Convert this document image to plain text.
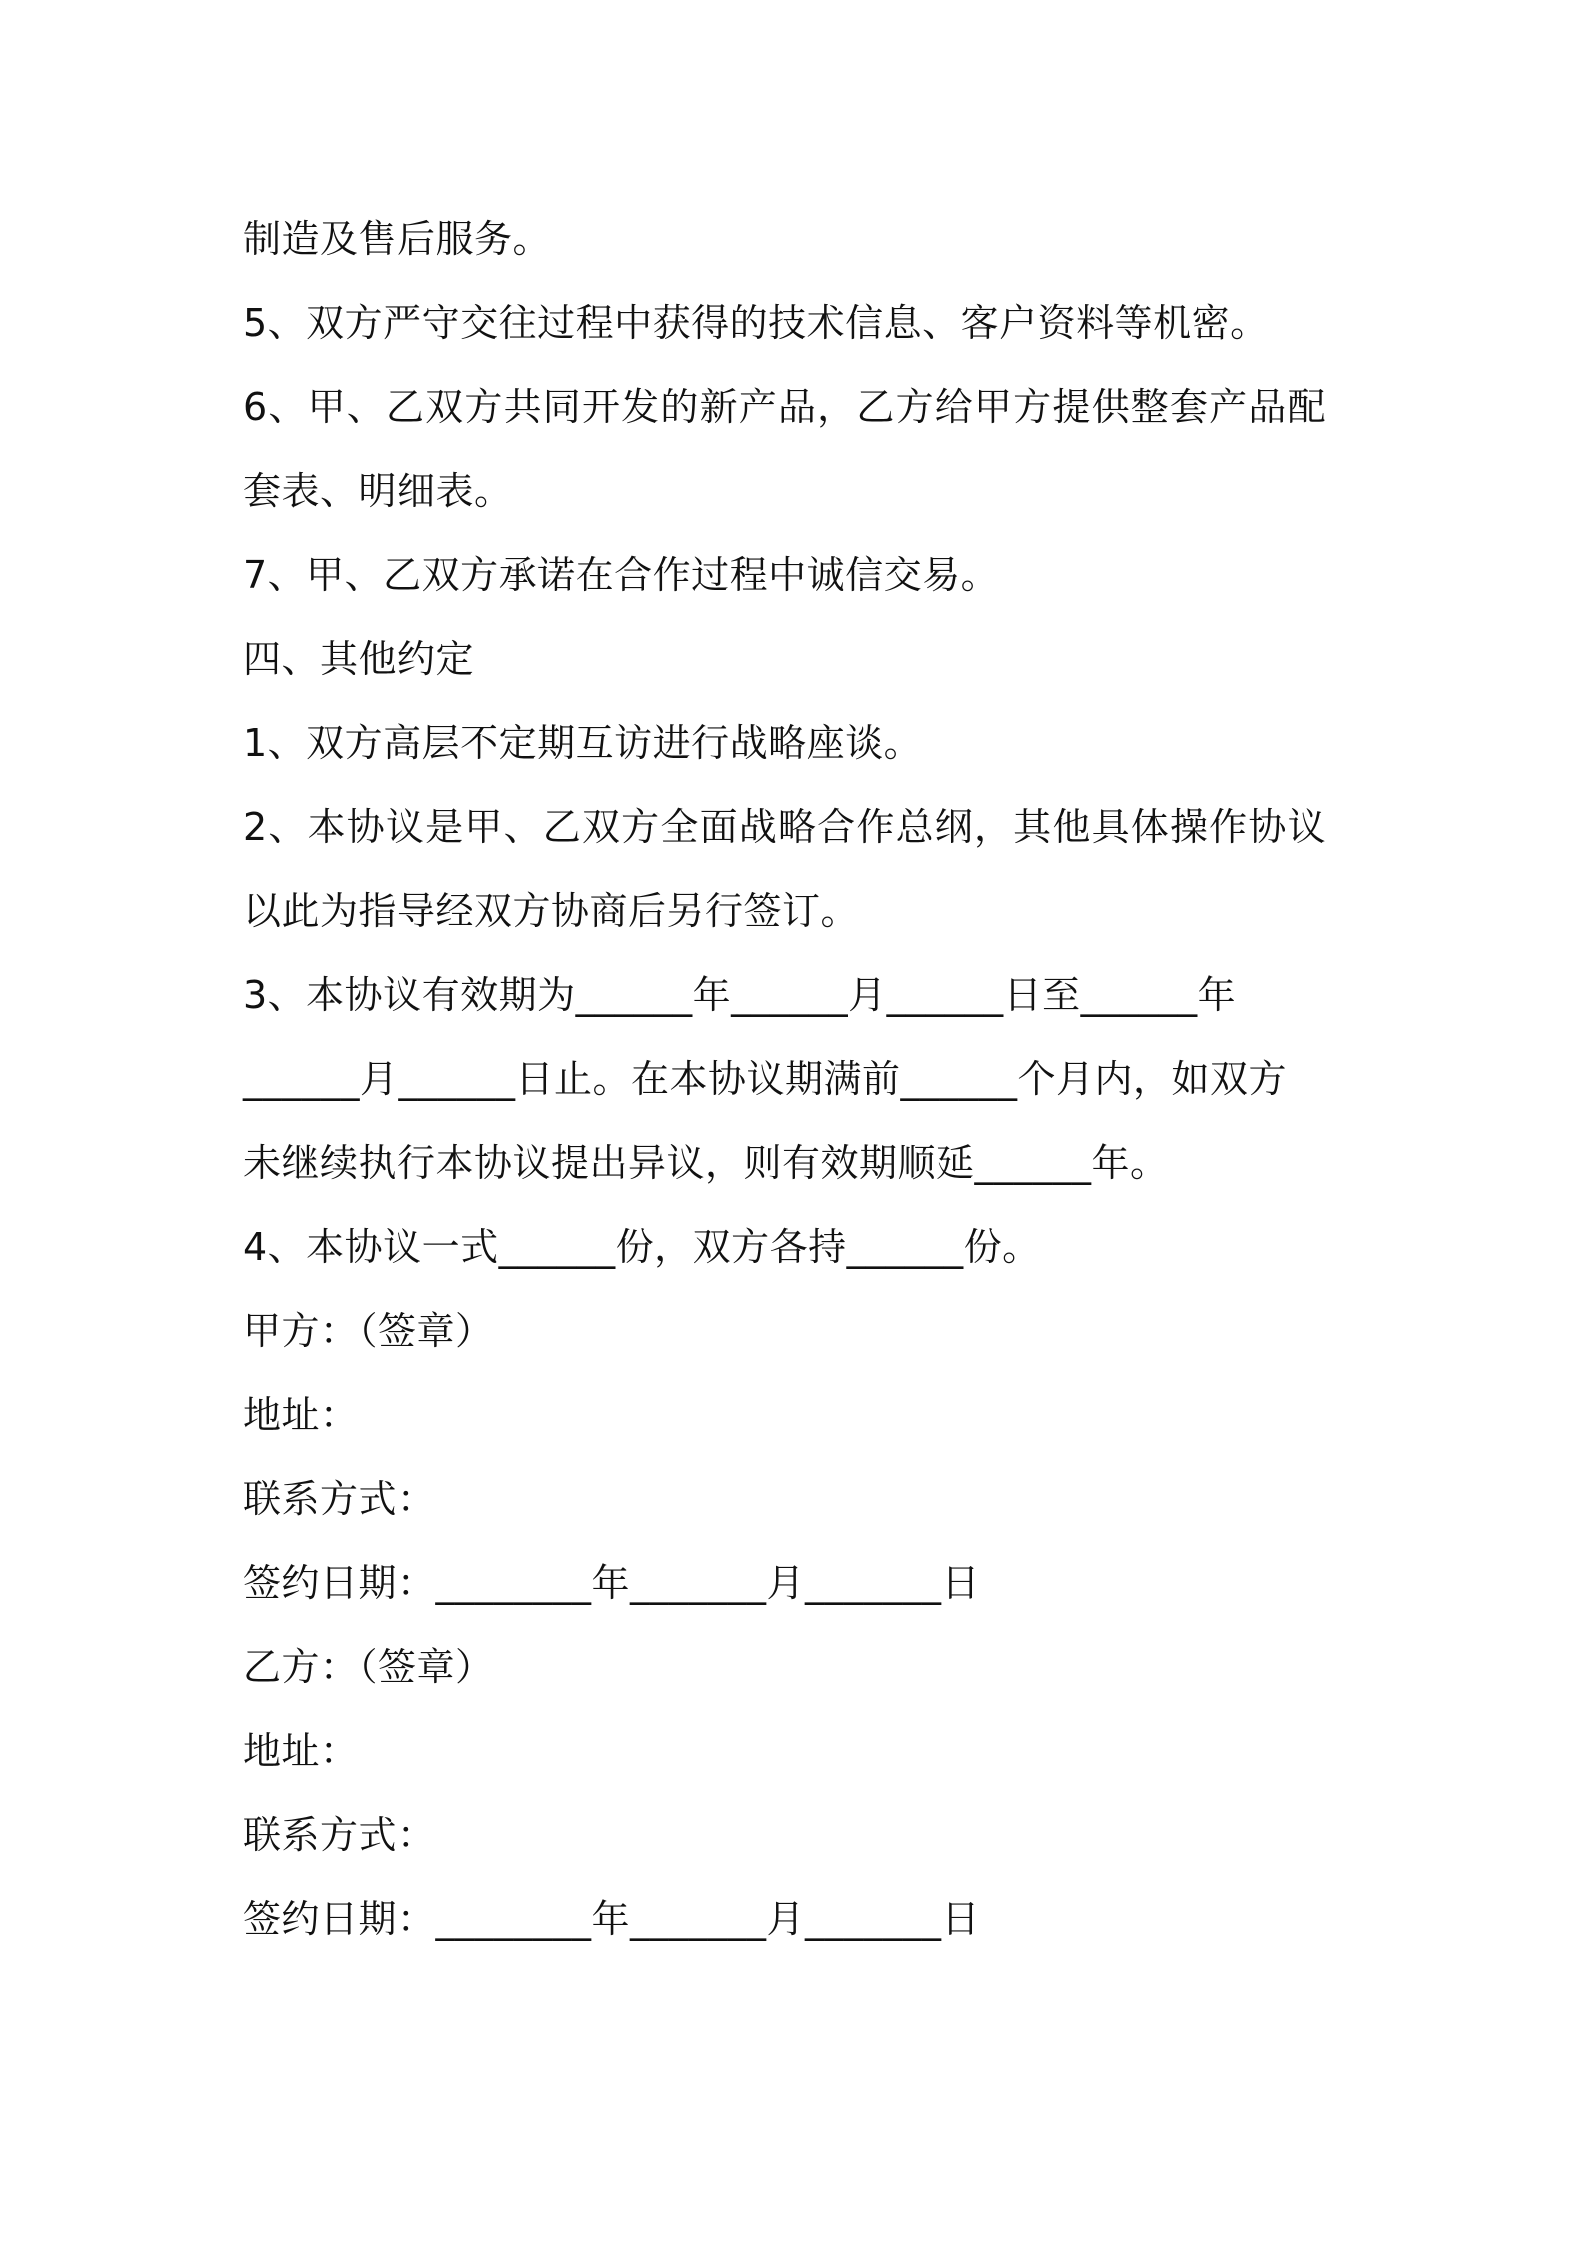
制造及售后服务。
5、双方严守交往过程中获得的技术信息、客户资料等机密。
6、甲、乙双方共同开发的新产品，乙方给甲方提供整套产品配
套表、明细表。
7、甲、乙双方承诺在合作过程中诚信交易。
四、其他约定
1、双方高层不定期互访进行战略座谈。
2、本协议是甲、乙双方全面战略合作总纲，其他具体操作协议
以此为指导经双方协商后另行签订。
3、本协议有效期为______年______月______日至______年
______月______日止。在本协议期满前______个月内，如双方
未继续执行本协议提出异议，则有效期顺延______年。
4、本协议一式______份，双方各持______份。
甲方：（签章）
地址：
联系方式：
签约日期：________年_______月_______日
乙方：（签章）
地址：
联系方式：
签约日期：________年_______月_______日
